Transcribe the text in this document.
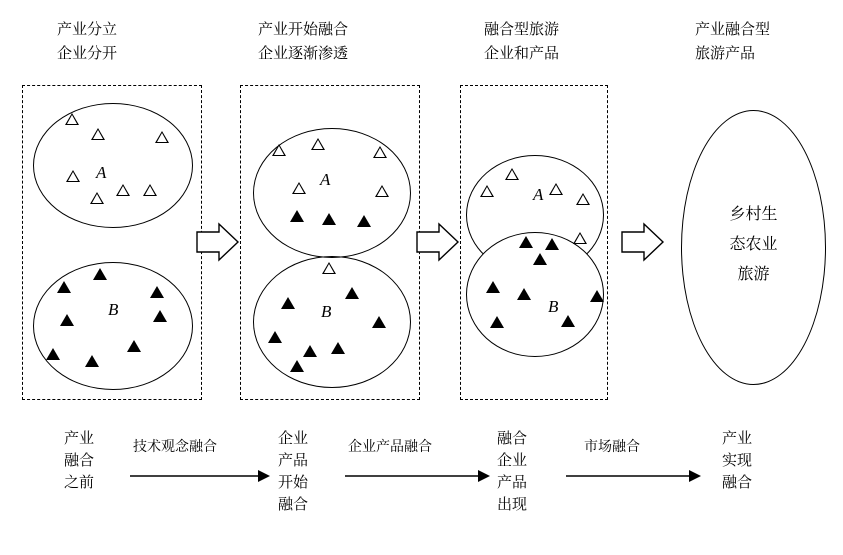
产业分立
企业分开
产业开始融合
企业逐渐渗透
融合型旅游
企业和产品
产业融合型
旅游产品
A
B
A
B
A
B
乡村生
态农业
旅游
产业
融合
之前
技术观念融合	企业
产品
开始
融合
企业产品融合	融合
企业
产品
出现
市场融合	产业
实现
融合
